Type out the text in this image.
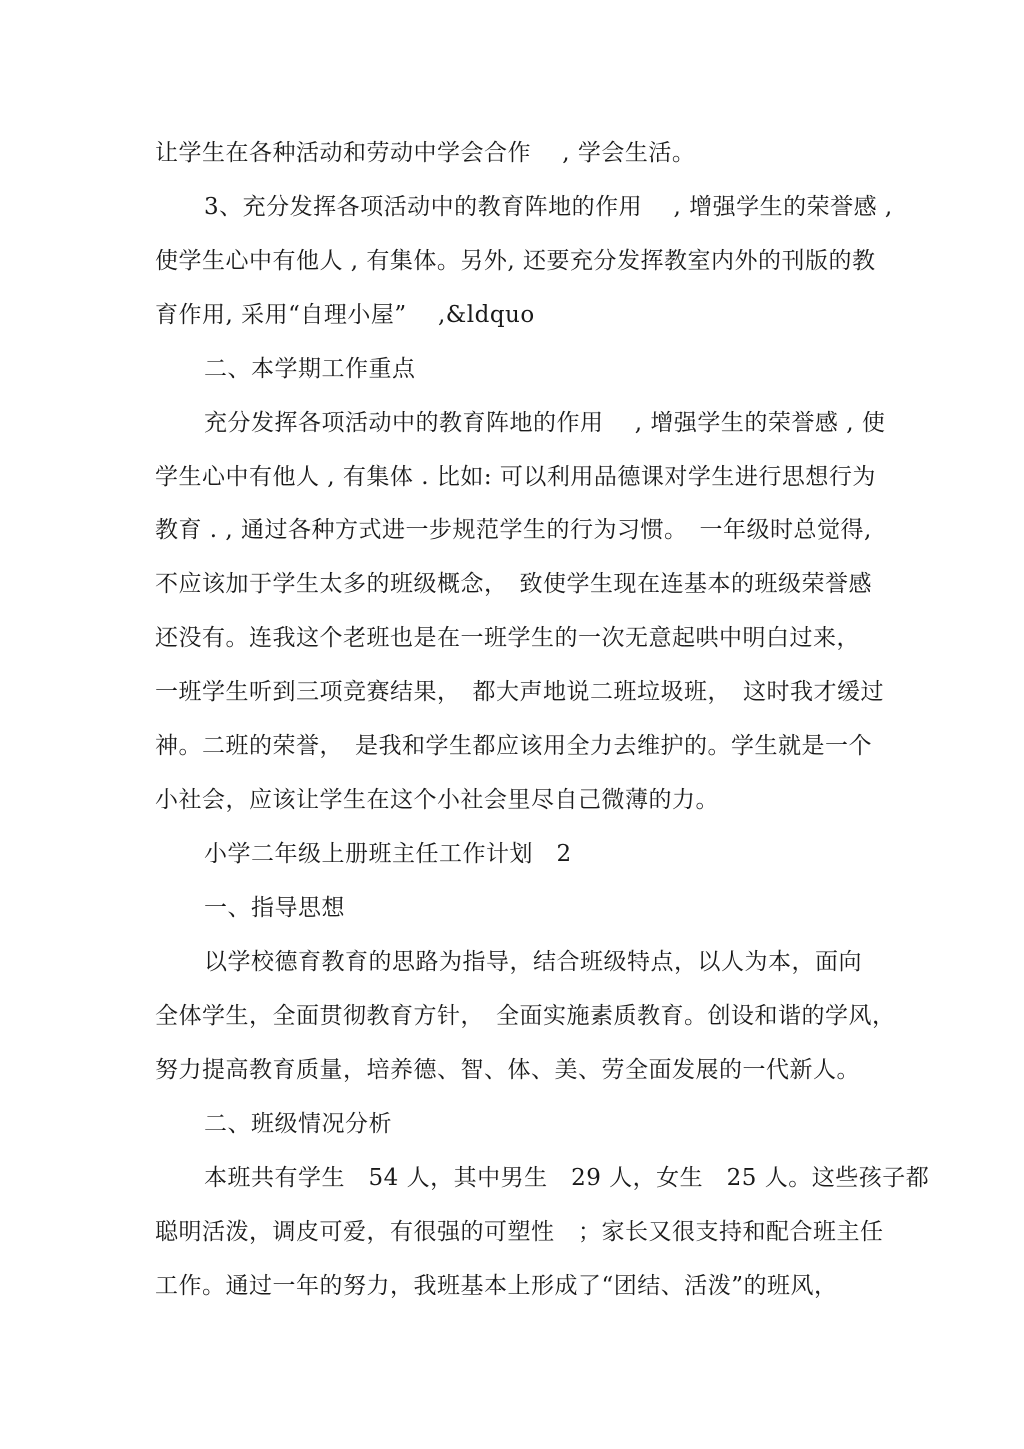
让学生在各种活动和劳动中学会合作　 , 学会生活。
3、充分发挥各项活动中的教育阵地的作用　 , 增强学生的荣誉感 ,
使学生心中有他人 , 有集体。另外, 还要充分发挥教室内外的刊版的教
育作用, 采用“自理小屋”　 ,&ldquo
二、本学期工作重点
充分发挥各项活动中的教育阵地的作用　 , 增强学生的荣誉感 , 使
学生心中有他人 , 有集体 . 比如: 可以利用品德课对学生进行思想行为
教育 . , 通过各种方式进一步规范学生的行为习惯。　一年级时总觉得,
不应该加于学生太多的班级概念，　致使学生现在连基本的班级荣誉感
还没有。连我这个老班也是在一班学生的一次无意起哄中明白过来，
一班学生听到三项竞赛结果，　都大声地说二班垃圾班，　这时我才缓过
神。二班的荣誉，　是我和学生都应该用全力去维护的。学生就是一个
小社会，应该让学生在这个小社会里尽自己微薄的力。
小学二年级上册班主任工作计划　2
一、指导思想
以学校德育教育的思路为指导，结合班级特点，以人为本，面向
全体学生，全面贯彻教育方针，　全面实施素质教育。创设和谐的学风，
努力提高教育质量，培养德、智、体、美、劳全面发展的一代新人。
二、班级情况分析
本班共有学生　54 人，其中男生　29 人，女生　25 人。这些孩子都
聪明活泼，调皮可爱，有很强的可塑性　；家长又很支持和配合班主任
工作。通过一年的努力，我班基本上形成了“团结、活泼”的班风，
